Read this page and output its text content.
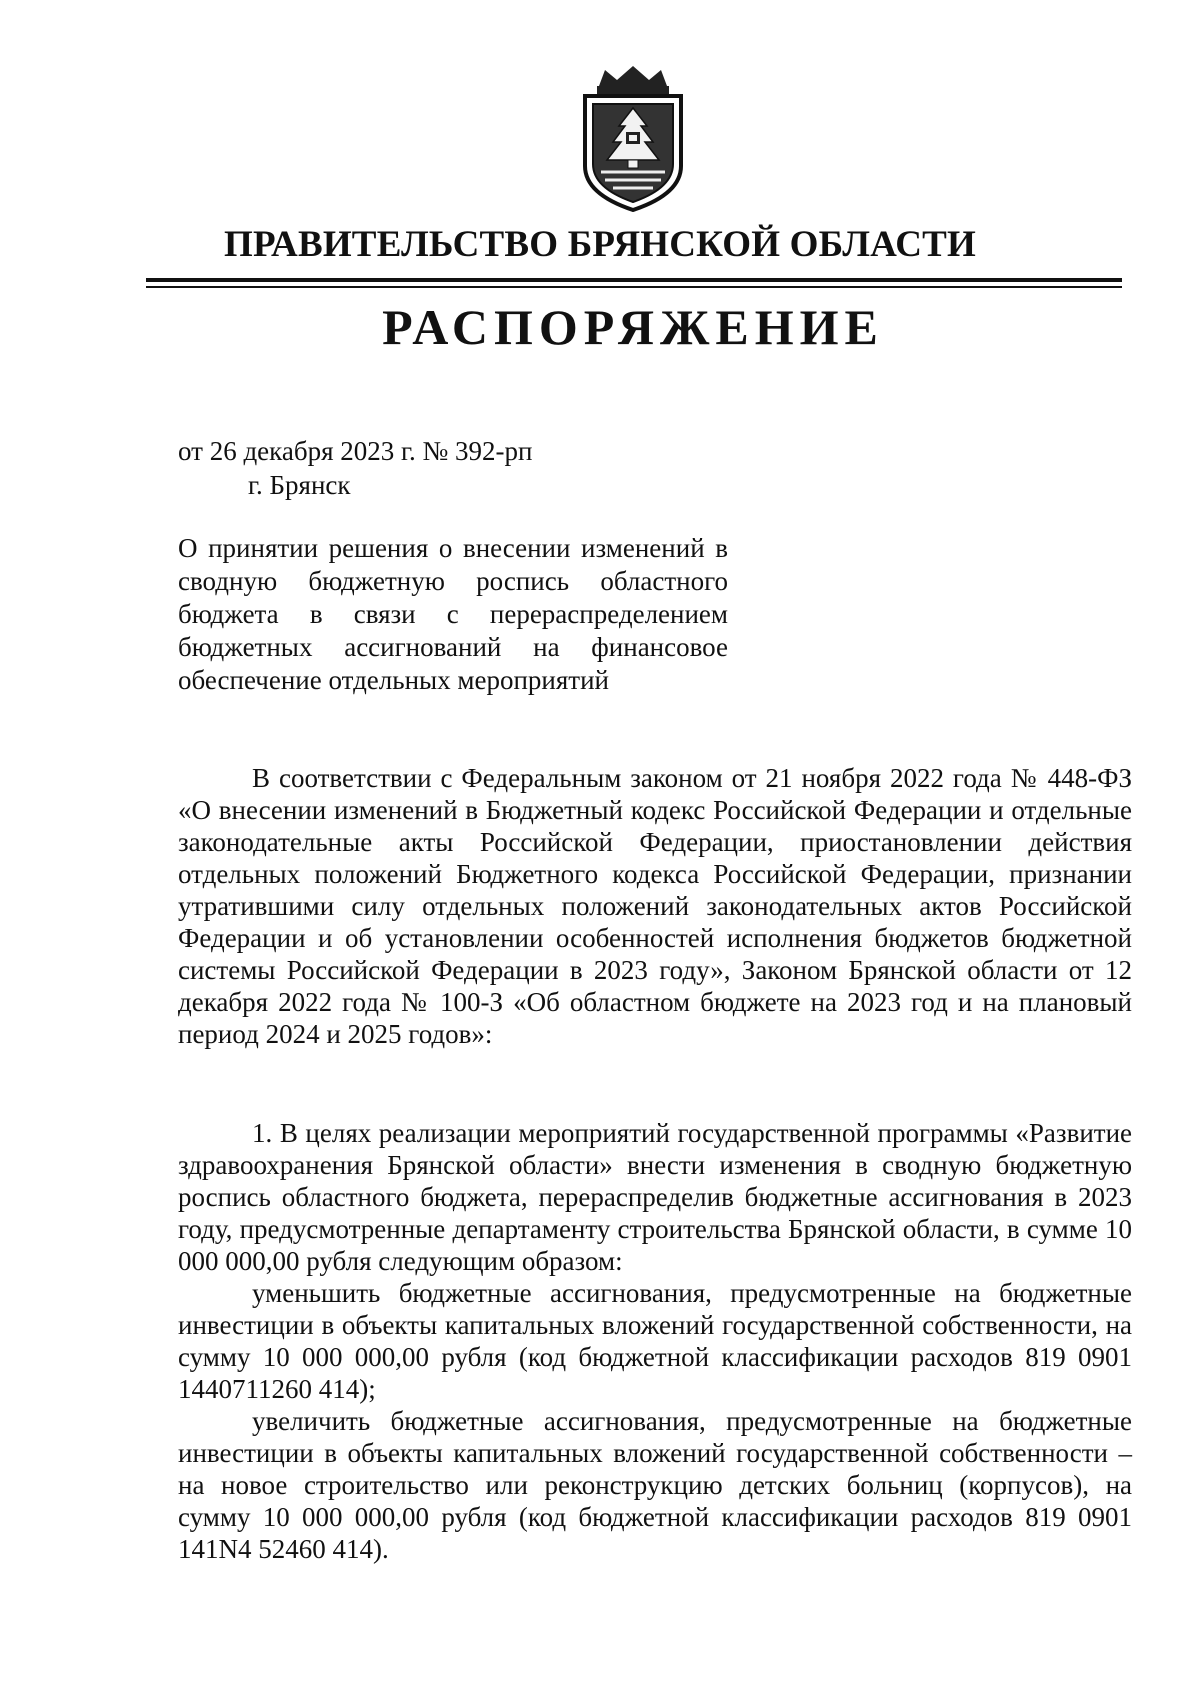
ПРАВИТЕЛЬСТВО БРЯНСКОЙ ОБЛАСТИ
РАСПОРЯЖЕНИЕ
от 26 декабря 2023 г. № 392-рп
г. Брянск
О принятии решения о внесении изменений в сводную бюджетную роспись областного бюджета в связи с перераспределением бюджетных ассигнований на финансовое обеспечение отдельных мероприятий

В соответствии с Федеральным законом от 21 ноября 2022 года № 448-ФЗ «О внесении изменений в Бюджетный кодекс Российской Федерации и отдельные законодательные акты Российской Федерации, приостановлении действия отдельных положений Бюджетного кодекса Российской Федерации, признании утратившими силу отдельных положений законодательных актов Российской Федерации и об установлении особенностей исполнения бюджетов бюджетной системы Российской Федерации в 2023 году», Законом Брянской области от 12 декабря 2022 года № 100-З «Об областном бюджете на 2023 год и на плановый период 2024 и 2025 годов»:

1. В целях реализации мероприятий государственной программы «Развитие здравоохранения Брянской области» внести изменения в сводную бюджетную роспись областного бюджета, перераспределив бюджетные ассигнования в 2023 году, предусмотренные департаменту строительства Брянской области, в сумме 10 000 000,00 рубля следующим образом:

уменьшить бюджетные ассигнования, предусмотренные на бюджетные инвестиции в объекты капитальных вложений государственной собственности, на сумму 10 000 000,00 рубля (код бюджетной классификации расходов 819 0901 1440711260 414);

увеличить бюджетные ассигнования, предусмотренные на бюджетные инвестиции в объекты капитальных вложений государственной собственности – на новое строительство или реконструкцию детских больниц (корпусов), на сумму 10 000 000,00 рубля (код бюджетной классификации расходов 819 0901 141N4 52460 414).
